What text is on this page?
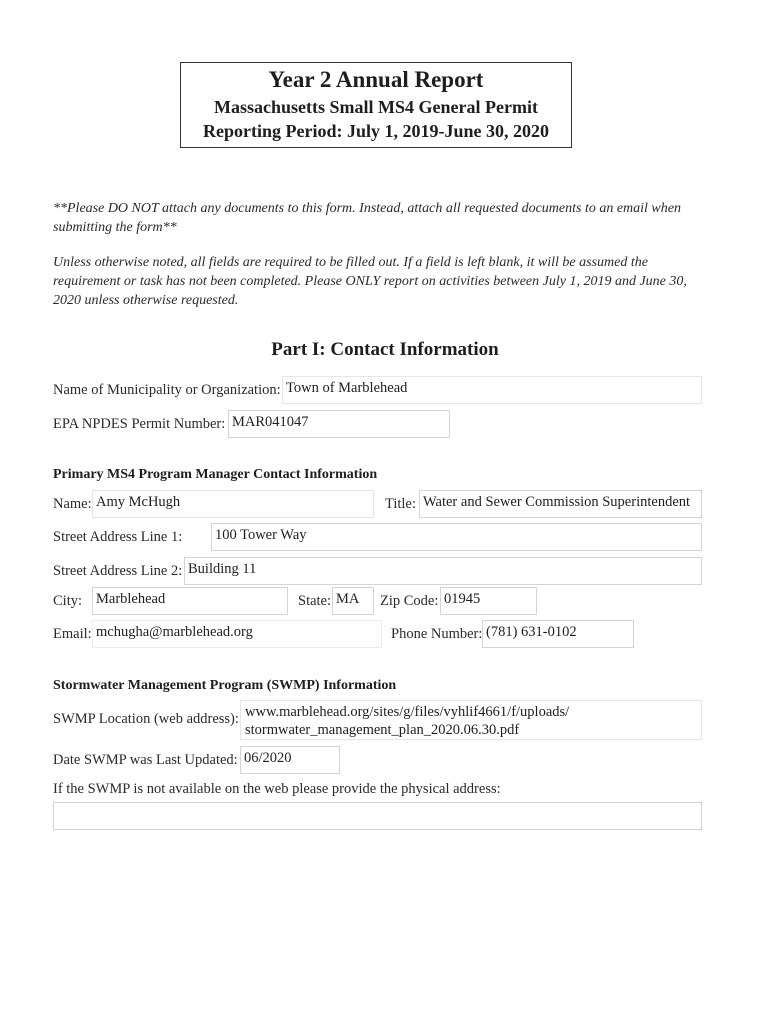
Year 2 Annual Report
Massachusetts Small MS4 General Permit
Reporting Period: July 1, 2019-June 30, 2020
**Please DO NOT attach any documents to this form. Instead, attach all requested documents to an email when submitting the form**
Unless otherwise noted, all fields are required to be filled out. If a field is left blank, it will be assumed the requirement or task has not been completed. Please ONLY report on activities between July 1, 2019 and June 30, 2020 unless otherwise requested.
Part I: Contact Information
Name of Municipality or Organization: Town of Marblehead
EPA NPDES Permit Number: MAR041047
Primary MS4 Program Manager Contact Information
Name: Amy McHugh	Title: Water and Sewer Commission Superintendent
Street Address Line 1: 100 Tower Way
Street Address Line 2: Building 11
City: Marblehead	State: MA	Zip Code: 01945
Email: mchugha@marblehead.org	Phone Number: (781) 631-0102
Stormwater Management Program (SWMP) Information
SWMP Location (web address): www.marblehead.org/sites/g/files/vyhlif4661/f/uploads/
stormwater_management_plan_2020.06.30.pdf
Date SWMP was Last Updated: 06/2020
If the SWMP is not available on the web please provide the physical address:
